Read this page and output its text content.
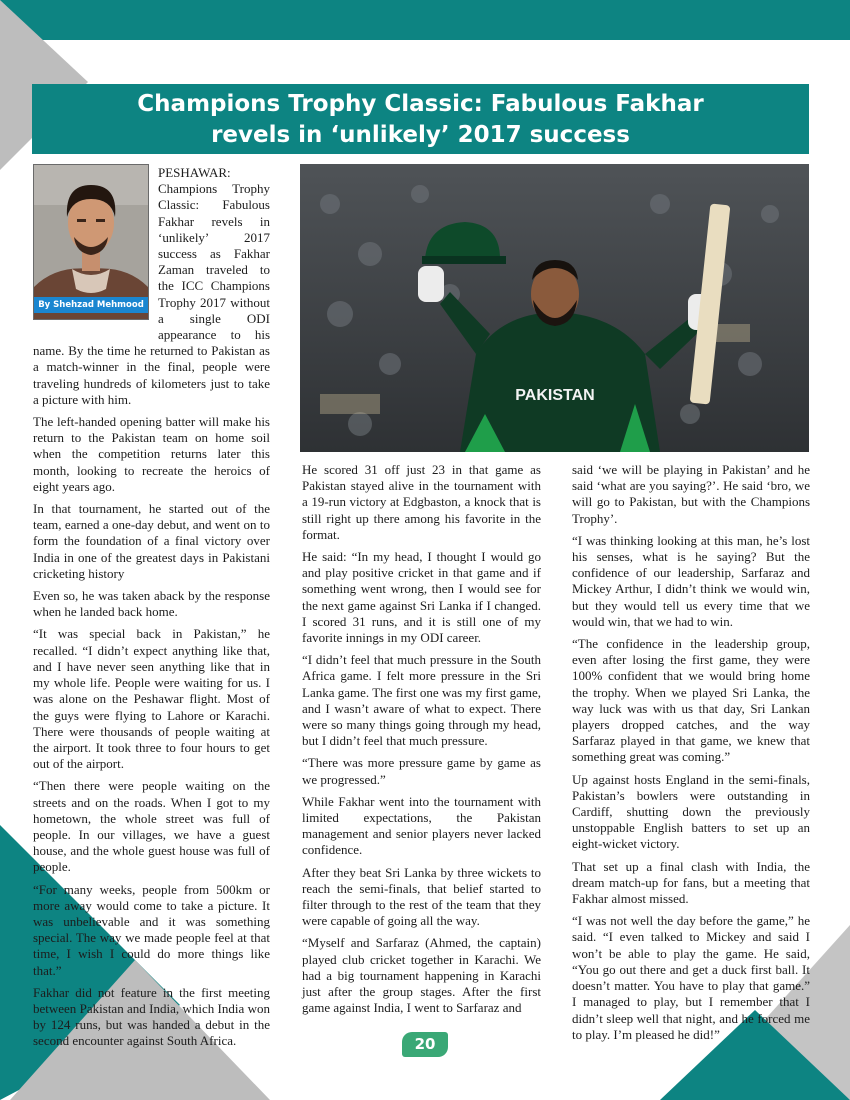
Champions Trophy Classic: Fabulous Fakhar
revels in ‘unlikely’ 2017 success
By Shehzad Mehmood
PAKISTAN

PESHAWAR: Champions Trophy Classic: Fabulous Fakhar revels in ‘unlikely’ 2017 success as Fakhar Zaman traveled to the ICC Champions Trophy 2017 without a single ODI appearance to his name. By the time he returned to Pakistan as a match-winner in the final, people were traveling hundreds of kilometers just to take a picture with him.

The left-handed opening batter will make his return to the Pakistan team on home soil when the competition returns later this month, looking to recreate the heroics of eight years ago.

In that tournament, he started out of the team, earned a one-day debut, and went on to form the foundation of a final victory over India in one of the greatest days in Pakistani cricketing history

Even so, he was taken aback by the response when he landed back home.

“It was special back in Pakistan,” he recalled. “I didn’t expect anything like that, and I have never seen anything like that in my whole life. People were waiting for us. I was alone on the Peshawar flight. Most of the guys were flying to Lahore or Karachi. There were thousands of people waiting at the airport. It took three to four hours to get out of the airport.

“Then there were people waiting on the streets and on the roads. When I got to my hometown, the whole street was full of people. In our villages, we have a guest house, and the whole guest house was full of people.

“For many weeks, people from 500km or more away would come to take a picture. It was unbelievable and it was something special. The way we made people feel at that time, I wish I could do more things like that.”

Fakhar did not feature in the first meeting between Pakistan and India, which India won by 124 runs, but was handed a debut in the second encounter against South Africa.

He scored 31 off just 23 in that game as Pakistan stayed alive in the tournament with a 19-run victory at Edgbaston, a knock that is still right up there among his favorite in the format.

He said: “In my head, I thought I would go and play positive cricket in that game and if something went wrong, then I would see for the next game against Sri Lanka if I changed. I scored 31 runs, and it is still one of my favorite innings in my ODI career.

“I didn’t feel that much pressure in the South Africa game. I felt more pressure in the Sri Lanka game. The first one was my first game, and I wasn’t aware of what to expect. There were so many things going through my head, but I didn’t feel that much pressure.

“There was more pressure game by game as we progressed.”

While Fakhar went into the tournament with limited expectations, the Pakistan management and senior players never lacked confidence.

After they beat Sri Lanka by three wickets to reach the semi-finals, that belief started to filter through to the rest of the team that they were capable of going all the way.

“Myself and Sarfaraz (Ahmed, the captain) played club cricket together in Karachi. We had a big tournament happening in Karachi just after the group stages. After the first game against India, I went to Sarfaraz and

said ‘we will be playing in Pakistan’ and he said ‘what are you saying?’. He said ‘bro, we will go to Pakistan, but with the Champions Trophy’.

“I was thinking looking at this man, he’s lost his senses, what is he saying? But the confidence of our leadership, Sarfaraz and Mickey Arthur, I didn’t think we would win, but they would tell us every time that we would win, that we had to win.

“The confidence in the leadership group, even after losing the first game, they were 100% confident that we would bring home the trophy. When we played Sri Lanka, the way luck was with us that day, Sri Lankan players dropped catches, and the way Sarfaraz played in that game, we knew that something great was coming.”

Up against hosts England in the semi-finals, Pakistan’s bowlers were outstanding in Cardiff, shutting down the previously unstoppable English batters to set up an eight-wicket victory.

That set up a final clash with India, the dream match-up for fans, but a meeting that Fakhar almost missed.

“I was not well the day before the game,” he said. “I even talked to Mickey and said I won’t be able to play the game. He said, “You go out there and get a duck first ball. It doesn’t matter. You have to play that game.” I managed to play, but I remember that I didn’t sleep well that night, and he forced me to play. I’m pleased he did!”

20
